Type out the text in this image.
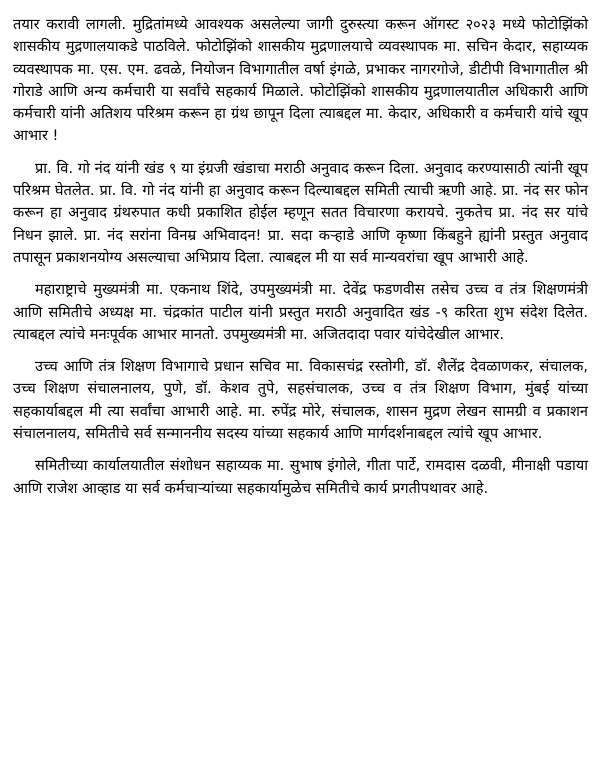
तयार करावी लागली. मुद्रितांमध्ये आवश्यक असलेल्या जागी दुरुस्त्या करून ऑगस्ट २०२३ मध्ये फोटोझिंको शासकीय मुद्रणालयाकडे पाठविले. फोटोझिंको शासकीय मुद्रणालयाचे व्यवस्थापक मा. सचिन केदार, सहाय्यक व्यवस्थापक मा. एस. एम. ढवळे, नियोजन विभागातील वर्षा इंगळे, प्रभाकर नागरगोजे, डीटीपी विभागातील श्री गोराडे आणि अन्य कर्मचारी या सर्वांचे सहकार्य मिळाले. फोटोझिंको शासकीय मुद्रणालयातील अधिकारी आणि कर्मचारी यांनी अतिशय परिश्रम करून हा ग्रंथ छापून दिला त्याबद्दल मा. केदार, अधिकारी व कर्मचारी यांचे खूप आभार !

प्रा. वि. गो नंद यांनी खंड ९ या इंग्रजी खंडाचा मराठी अनुवाद करून दिला. अनुवाद करण्यासाठी त्यांनी खूप परिश्रम घेतलेत. प्रा. वि. गो नंद यांनी हा अनुवाद करून दिल्याबद्दल समिती त्याची ऋणी आहे. प्रा. नंद सर फोन करून हा अनुवाद ग्रंथरुपात कधी प्रकाशित होईल म्हणून सतत विचारणा करायचे. नुकतेच प्रा. नंद सर यांचे निधन झाले. प्रा. नंद सरांना विनम्र अभिवादन! प्रा. सदा कऱ्हाडे आणि कृष्णा किंबहुने ह्यांनी प्रस्तुत अनुवाद तपासून प्रकाशनयोग्य असल्याचा अभिप्राय दिला. त्याबद्दल मी या सर्व मान्यवरांचा खूप आभारी आहे.

महाराष्ट्राचे मुख्यमंत्री मा. एकनाथ शिंदे, उपमुख्यमंत्री मा. देवेंद्र फडणवीस तसेच उच्च व तंत्र शिक्षणमंत्री आणि समितीचे अध्यक्ष मा. चंद्रकांत पाटील यांनी प्रस्तुत मराठी अनुवादित खंड -९ करिता शुभ संदेश दिलेत. त्याबद्दल त्यांचे मनःपूर्वक आभार मानतो. उपमुख्यमंत्री मा. अजितदादा पवार यांचेदेखील आभार.

उच्च आणि तंत्र शिक्षण विभागाचे प्रधान सचिव मा. विकासचंद्र रस्तोगी, डॉ. शैलेंद्र देवळाणकर, संचालक, उच्च शिक्षण संचालनालय, पुणे, डॉ. केशव तुपे, सहसंचालक, उच्च व तंत्र शिक्षण विभाग, मुंबई यांच्या सहकार्याबद्दल मी त्या सर्वांचा आभारी आहे. मा. रुपेंद्र मोरे, संचालक, शासन मुद्रण लेखन सामग्री व प्रकाशन संचालनालय, समितीचे सर्व सन्माननीय सदस्य यांच्या सहकार्य आणि मार्गदर्शनाबद्दल त्यांचे खूप आभार.

समितीच्या कार्यालयातील संशोधन सहाय्यक मा. सुभाष इंगोले, गीता पार्टे, रामदास दळवी, मीनाक्षी पडाया आणि राजेश आव्हाड या सर्व कर्मचाऱ्यांच्या सहकार्यामुळेच समितीचे कार्य प्रगतीपथावर आहे.
